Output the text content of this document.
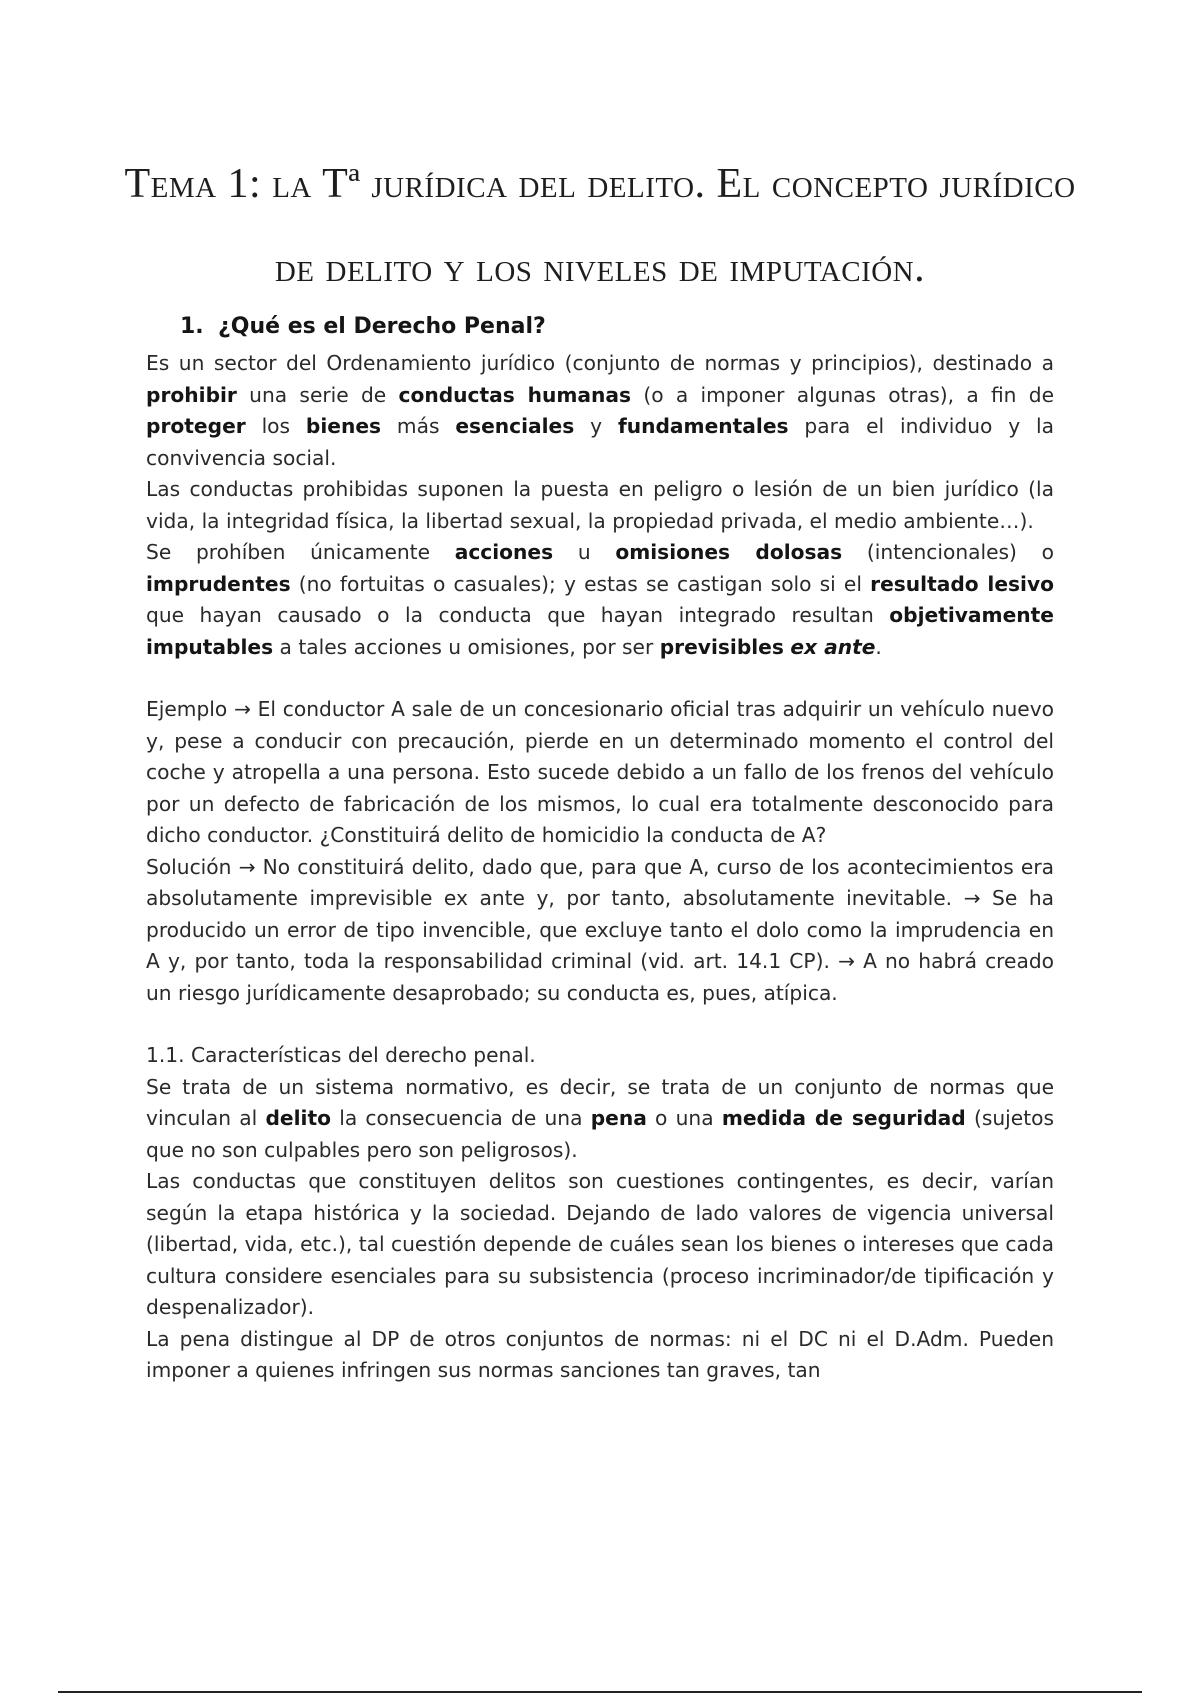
Tema 1: la Tª jurídica del delito. El concepto jurídico de delito y los niveles de imputación.
1. ¿Qué es el Derecho Penal?

Es un sector del Ordenamiento jurídico (conjunto de normas y principios), destinado a prohibir una serie de conductas humanas (o a imponer algunas otras), a fin de proteger los bienes más esenciales y fundamentales para el individuo y la convivencia social.

Las conductas prohibidas suponen la puesta en peligro o lesión de un bien jurídico (la vida, la integridad física, la libertad sexual, la propiedad privada, el medio ambiente…).

Se prohíben únicamente acciones u omisiones dolosas (intencionales) o imprudentes (no fortuitas o casuales); y estas se castigan solo si el resultado lesivo que hayan causado o la conducta que hayan integrado resultan objetivamente imputables a tales acciones u omisiones, por ser previsibles ex ante.

Ejemplo → El conductor A sale de un concesionario oficial tras adquirir un vehículo nuevo y, pese a conducir con precaución, pierde en un determinado momento el control del coche y atropella a una persona. Esto sucede debido a un fallo de los frenos del vehículo por un defecto de fabricación de los mismos, lo cual era totalmente desconocido para dicho conductor. ¿Constituirá delito de homicidio la conducta de A?

Solución → No constituirá delito, dado que, para que A, curso de los acontecimientos era absolutamente imprevisible ex ante y, por tanto, absolutamente inevitable. → Se ha producido un error de tipo invencible, que excluye tanto el dolo como la imprudencia en A y, por tanto, toda la responsabilidad criminal (vid. art. 14.1 CP). → A no habrá creado un riesgo jurídicamente desaprobado; su conducta es, pues, atípica.

1.1. Características del derecho penal.

Se trata de un sistema normativo, es decir, se trata de un conjunto de normas que vinculan al delito la consecuencia de una pena o una medida de seguridad (sujetos que no son culpables pero son peligrosos).

Las conductas que constituyen delitos son cuestiones contingentes, es decir, varían según la etapa histórica y la sociedad. Dejando de lado valores de vigencia universal (libertad, vida, etc.), tal cuestión depende de cuáles sean los bienes o intereses que cada cultura considere esenciales para su subsistencia (proceso incriminador/de tipificación y despenalizador).

La pena distingue al DP de otros conjuntos de normas: ni el DC ni el D.Adm. Pueden imponer a quienes infringen sus normas sanciones tan graves, tan
